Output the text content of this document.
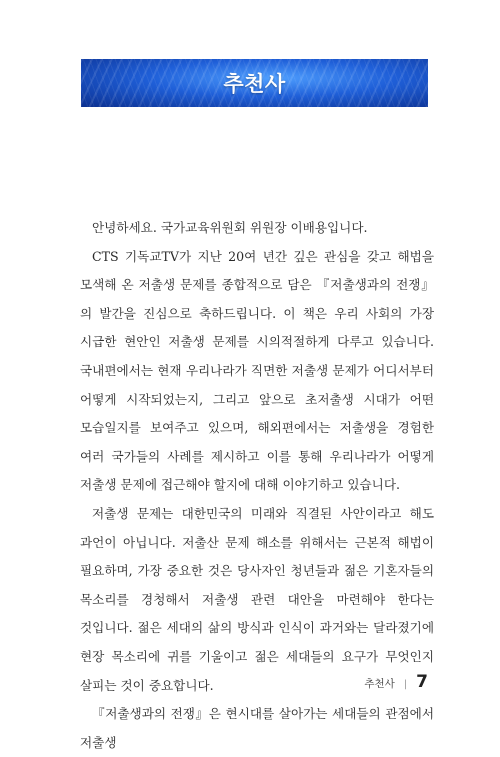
추천사

안녕하세요. 국가교육위원회 위원장 이배용입니다.

CTS 기독교TV가 지난 20여 년간 깊은 관심을 갖고 해법을 모색해 온 저출생 문제를 종합적으로 담은 『저출생과의 전쟁』의 발간을 진심으로 축하드립니다. 이 책은 우리 사회의 가장 시급한 현안인 저출생 문제를 시의적절하게 다루고 있습니다. 국내편에서는 현재 우리나라가 직면한 저출생 문제가 어디서부터 어떻게 시작되었는지, 그리고 앞으로 초저출생 시대가 어떤 모습일지를 보여주고 있으며, 해외편에서는 저출생을 경험한 여러 국가들의 사례를 제시하고 이를 통해 우리나라가 어떻게 저출생 문제에 접근해야 할지에 대해 이야기하고 있습니다.

저출생 문제는 대한민국의 미래와 직결된 사안이라고 해도 과언이 아닙니다. 저출산 문제 해소를 위해서는 근본적 해법이 필요하며, 가장 중요한 것은 당사자인 청년들과 젊은 기혼자들의 목소리를 경청해서 저출생 관련 대안을 마련해야 한다는 것입니다. 젊은 세대의 삶의 방식과 인식이 과거와는 달라졌기에 현장 목소리에 귀를 기울이고 젊은 세대들의 요구가 무엇인지 살피는 것이 중요합니다.

『저출생과의 전쟁』은 현시대를 살아가는 세대들의 관점에서 저출생

추천사 | 7
